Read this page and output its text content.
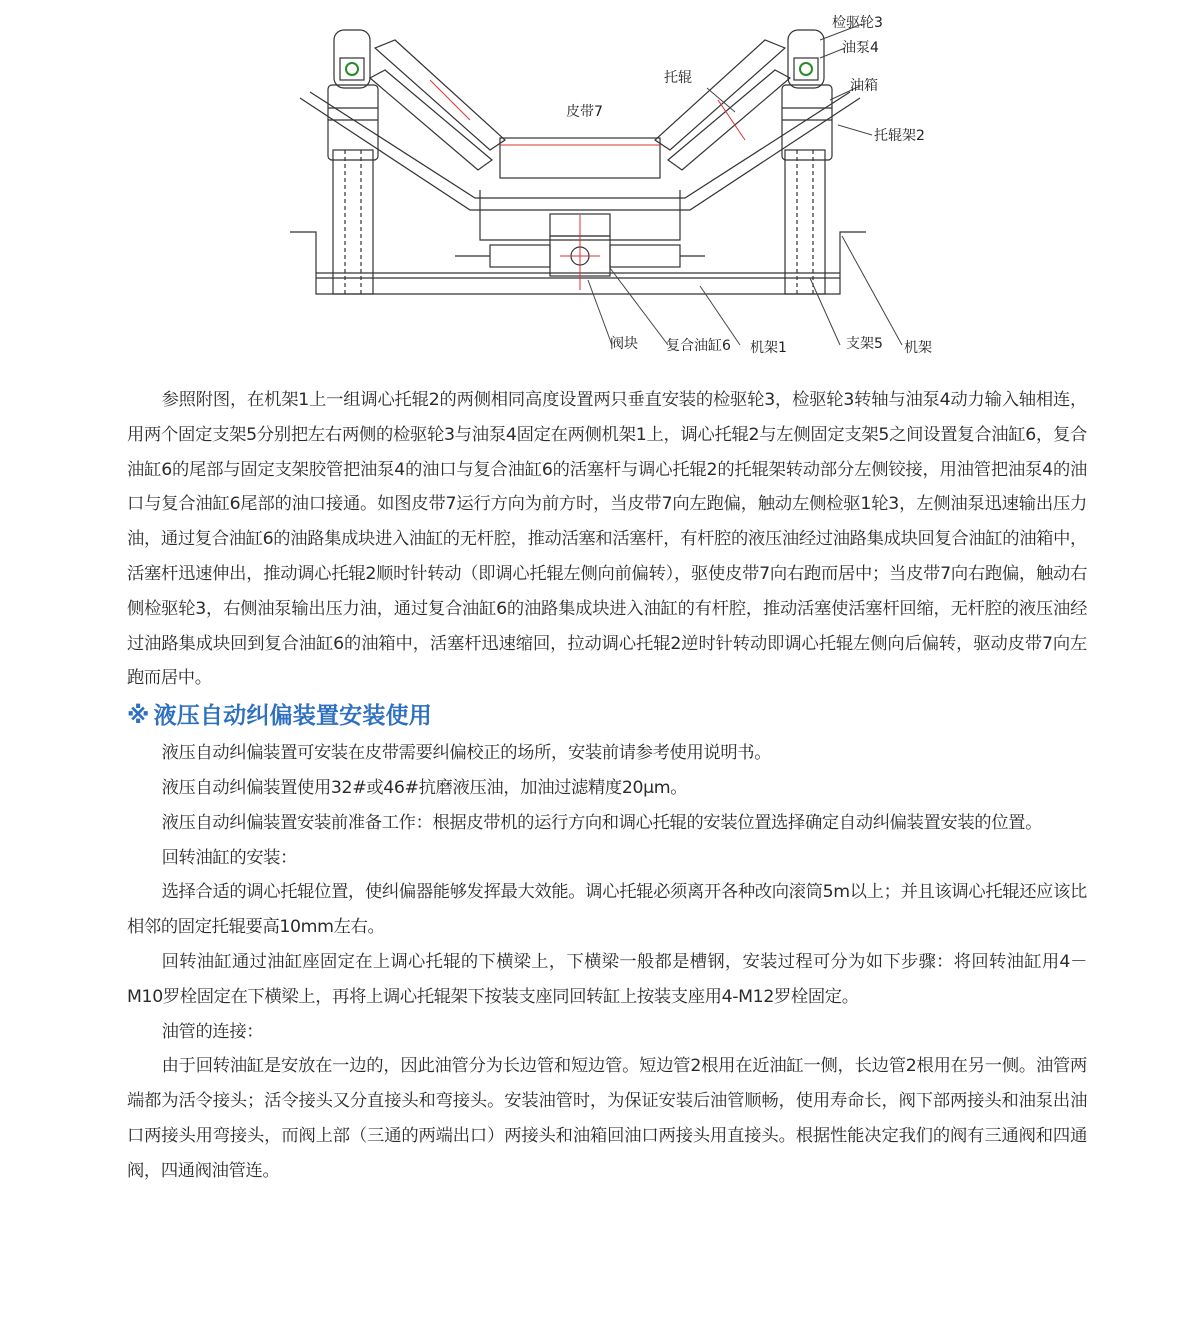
检驱轮3
油泵4
油箱
托辊
皮带7
托辊架2
阀块 复合油缸6 机架1	支架5 机架

参照附图，在机架1上一组调心托辊2的两侧相同高度设置两只垂直安装的检驱轮3，检驱轮3转轴与油泵4动力输入轴相连，用两个固定支架5分别把左右两侧的检驱轮3与油泵4固定在两侧机架1上，调心托辊2与左侧固定支架5之间设置复合油缸6，复合油缸6的尾部与固定支架胶管把油泵4的油口与复合油缸6的活塞杆与调心托辊2的托辊架转动部分左侧铰接，用油管把油泵4的油口与复合油缸6尾部的油口接通。如图皮带7运行方向为前方时，当皮带7向左跑偏，触动左侧检驱1轮3，左侧油泵迅速输出压力油，通过复合油缸6的油路集成块进入油缸的无杆腔，推动活塞和活塞杆，有杆腔的液压油经过油路集成块回复合油缸的油箱中，活塞杆迅速伸出，推动调心托辊2顺时针转动（即调心托辊左侧向前偏转），驱使皮带7向右跑而居中；当皮带7向右跑偏，触动右侧检驱轮3，右侧油泵输出压力油，通过复合油缸6的油路集成块进入油缸的有杆腔，推动活塞使活塞杆回缩，无杆腔的液压油经过油路集成块回到复合油缸6的油箱中，活塞杆迅速缩回，拉动调心托辊2逆时针转动即调心托辊左侧向后偏转，驱动皮带7向左跑而居中。

※ 液压自动纠偏装置安装使用

液压自动纠偏装置可安装在皮带需要纠偏校正的场所，安装前请参考使用说明书。

液压自动纠偏装置使用32#或46#抗磨液压油，加油过滤精度20μm。

液压自动纠偏装置安装前准备工作：根据皮带机的运行方向和调心托辊的安装位置选择确定自动纠偏装置安装的位置。

回转油缸的安装：

选择合适的调心托辊位置，使纠偏器能够发挥最大效能。调心托辊必须离开各种改向滚筒5m以上；并且该调心托辊还应该比相邻的固定托辊要高10mm左右。

回转油缸通过油缸座固定在上调心托辊的下横梁上，下横梁一般都是槽钢，安装过程可分为如下步骤：将回转油缸用4－M10罗栓固定在下横梁上，再将上调心托辊架下按装支座同回转缸上按装支座用4-M12罗栓固定。

油管的连接：

由于回转油缸是安放在一边的，因此油管分为长边管和短边管。短边管2根用在近油缸一侧，长边管2根用在另一侧。油管两端都为活令接头；活令接头又分直接头和弯接头。安装油管时，为保证安装后油管顺畅，使用寿命长，阀下部两接头和油泵出油口两接头用弯接头，而阀上部（三通的两端出口）两接头和油箱回油口两接头用直接头。根据性能决定我们的阀有三通阀和四通阀，四通阀油管连。
